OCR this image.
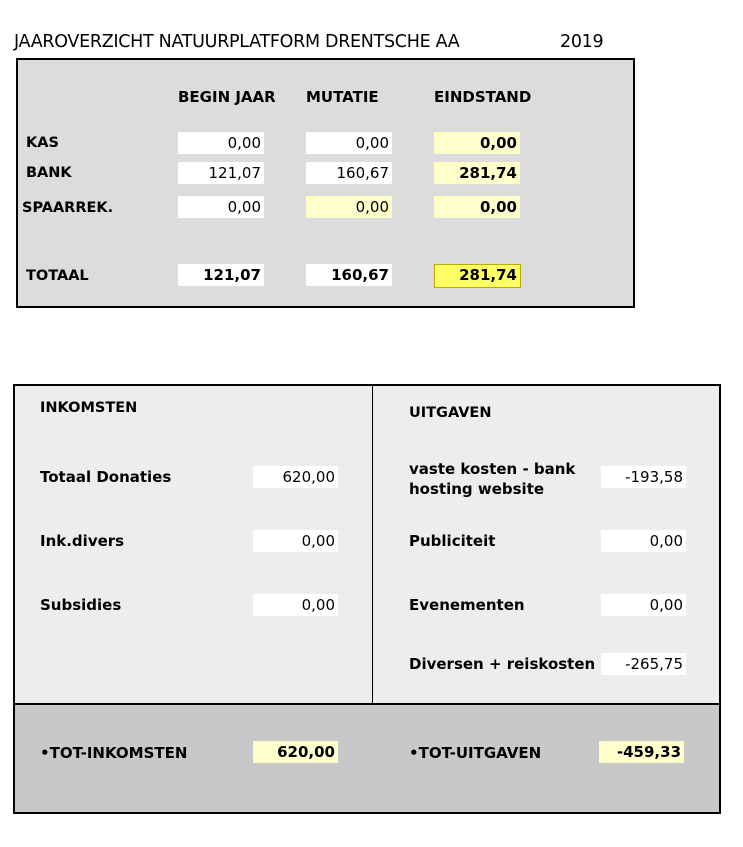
JAAROVERZICHT NATUURPLATFORM DRENTSCHE AA	2019
BEGIN JAAR MUTATIE	EINDSTAND
KAS	0,00	0,00	0,00
BANK	121,07	160,67	281,74
SPAARREK.	0,00	0,00	0,00
TOTAAL	121,07	160,67	281,74
INKOMSTEN
Totaal Donaties	620,00
Ink.divers	0,00
Subsidies	0,00
UITGAVEN
vaste kosten - bank
hosting website
-193,58
Publiciteit	0,00
Evenementen	0,00
Diversen + reiskosten	-265,75
•TOT-INKOMSTEN	620,00	•TOT-UITGAVEN	-459,33
